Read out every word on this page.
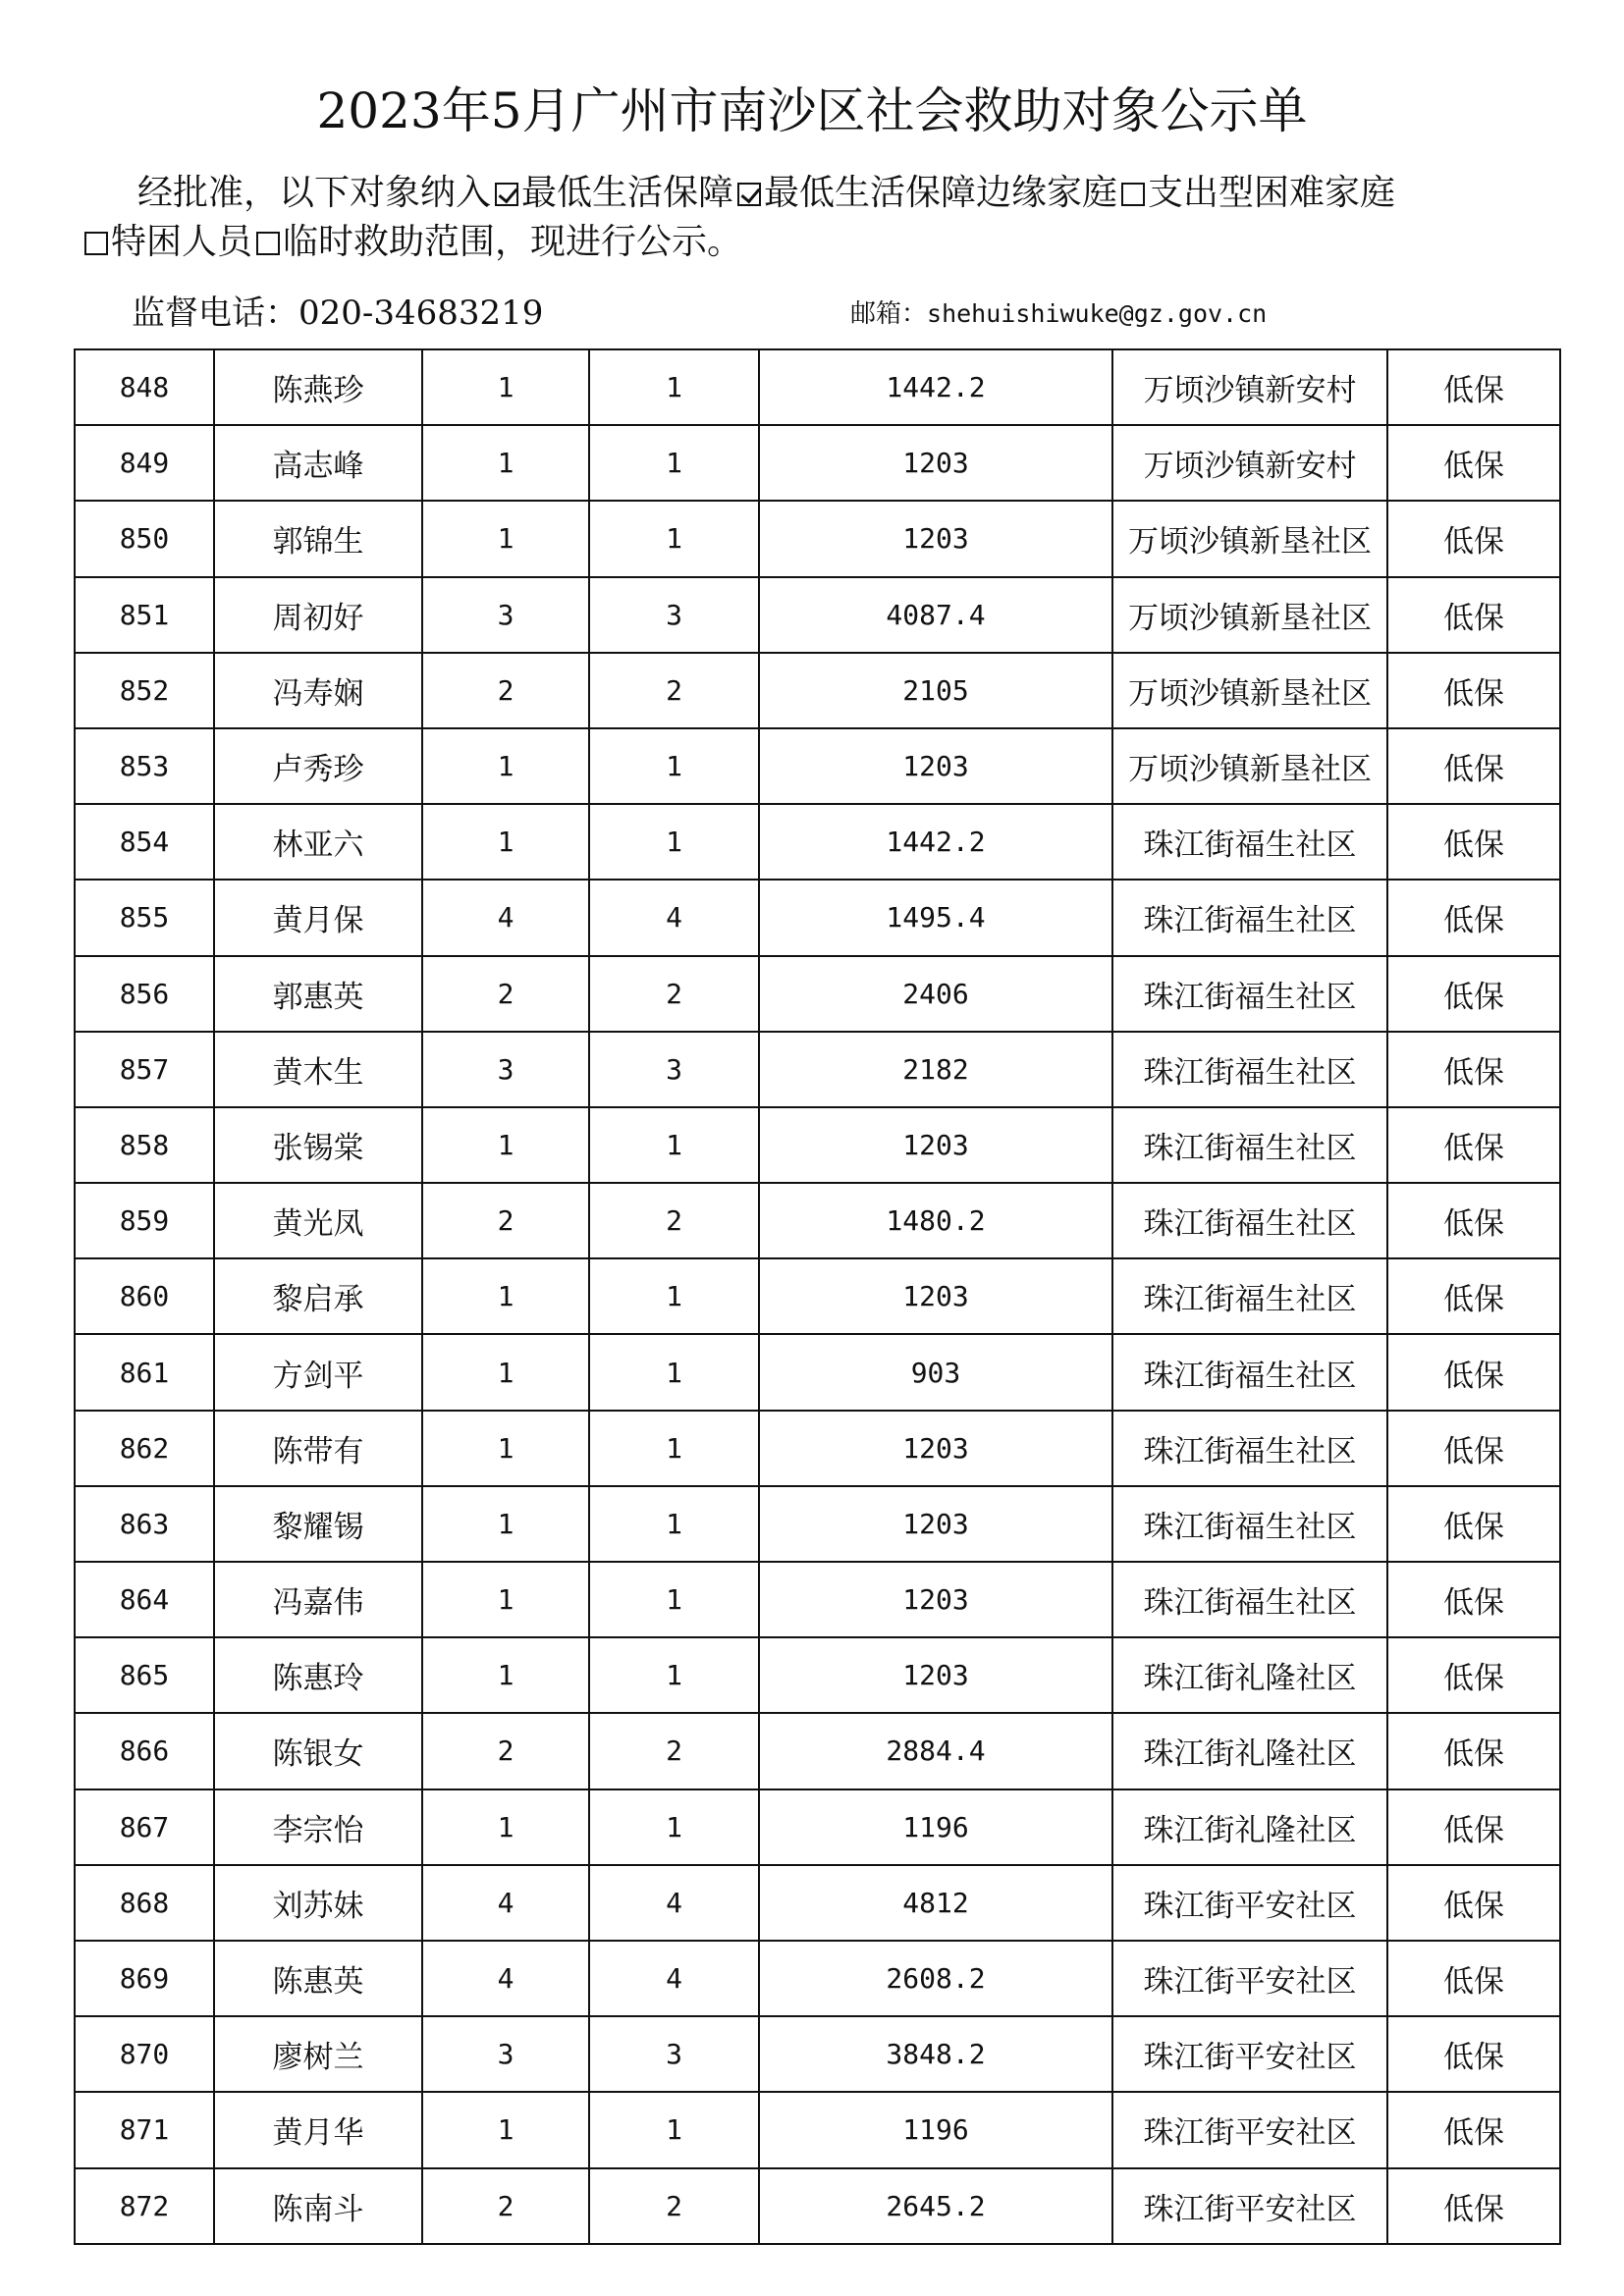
2023年5月广州市南沙区社会救助对象公示单
经批准，以下对象纳入 最低生活保障 最低生活保障边缘家庭 支出型困难家庭
特困人员 临时救助范围，现进行公示。
监督电话：020-34683219	邮箱：shehuishiwuke@gz.gov.cn
848	陈燕珍	1	1	1442.2	万顷沙镇新安村	低保
849	高志峰	1	1	1203	万顷沙镇新安村	低保
850	郭锦生	1	1	1203	万顷沙镇新垦社区	低保
851	周初好	3	3	4087.4	万顷沙镇新垦社区	低保
852	冯寿娴	2	2	2105	万顷沙镇新垦社区	低保
853	卢秀珍	1	1	1203	万顷沙镇新垦社区	低保
854	林亚六	1	1	1442.2	珠江街福生社区	低保
855	黄月保	4	4	1495.4	珠江街福生社区	低保
856	郭惠英	2	2	2406	珠江街福生社区	低保
857	黄木生	3	3	2182	珠江街福生社区	低保
858	张锡棠	1	1	1203	珠江街福生社区	低保
859	黄光凤	2	2	1480.2	珠江街福生社区	低保
860	黎启承	1	1	1203	珠江街福生社区	低保
861	方剑平	1	1	903	珠江街福生社区	低保
862	陈带有	1	1	1203	珠江街福生社区	低保
863	黎耀锡	1	1	1203	珠江街福生社区	低保
864	冯嘉伟	1	1	1203	珠江街福生社区	低保
865	陈惠玲	1	1	1203	珠江街礼隆社区	低保
866	陈银女	2	2	2884.4	珠江街礼隆社区	低保
867	李宗怡	1	1	1196	珠江街礼隆社区	低保
868	刘苏妹	4	4	4812	珠江街平安社区	低保
869	陈惠英	4	4	2608.2	珠江街平安社区	低保
870	廖树兰	3	3	3848.2	珠江街平安社区	低保
871	黄月华	1	1	1196	珠江街平安社区	低保
872	陈南斗	2	2	2645.2	珠江街平安社区	低保
